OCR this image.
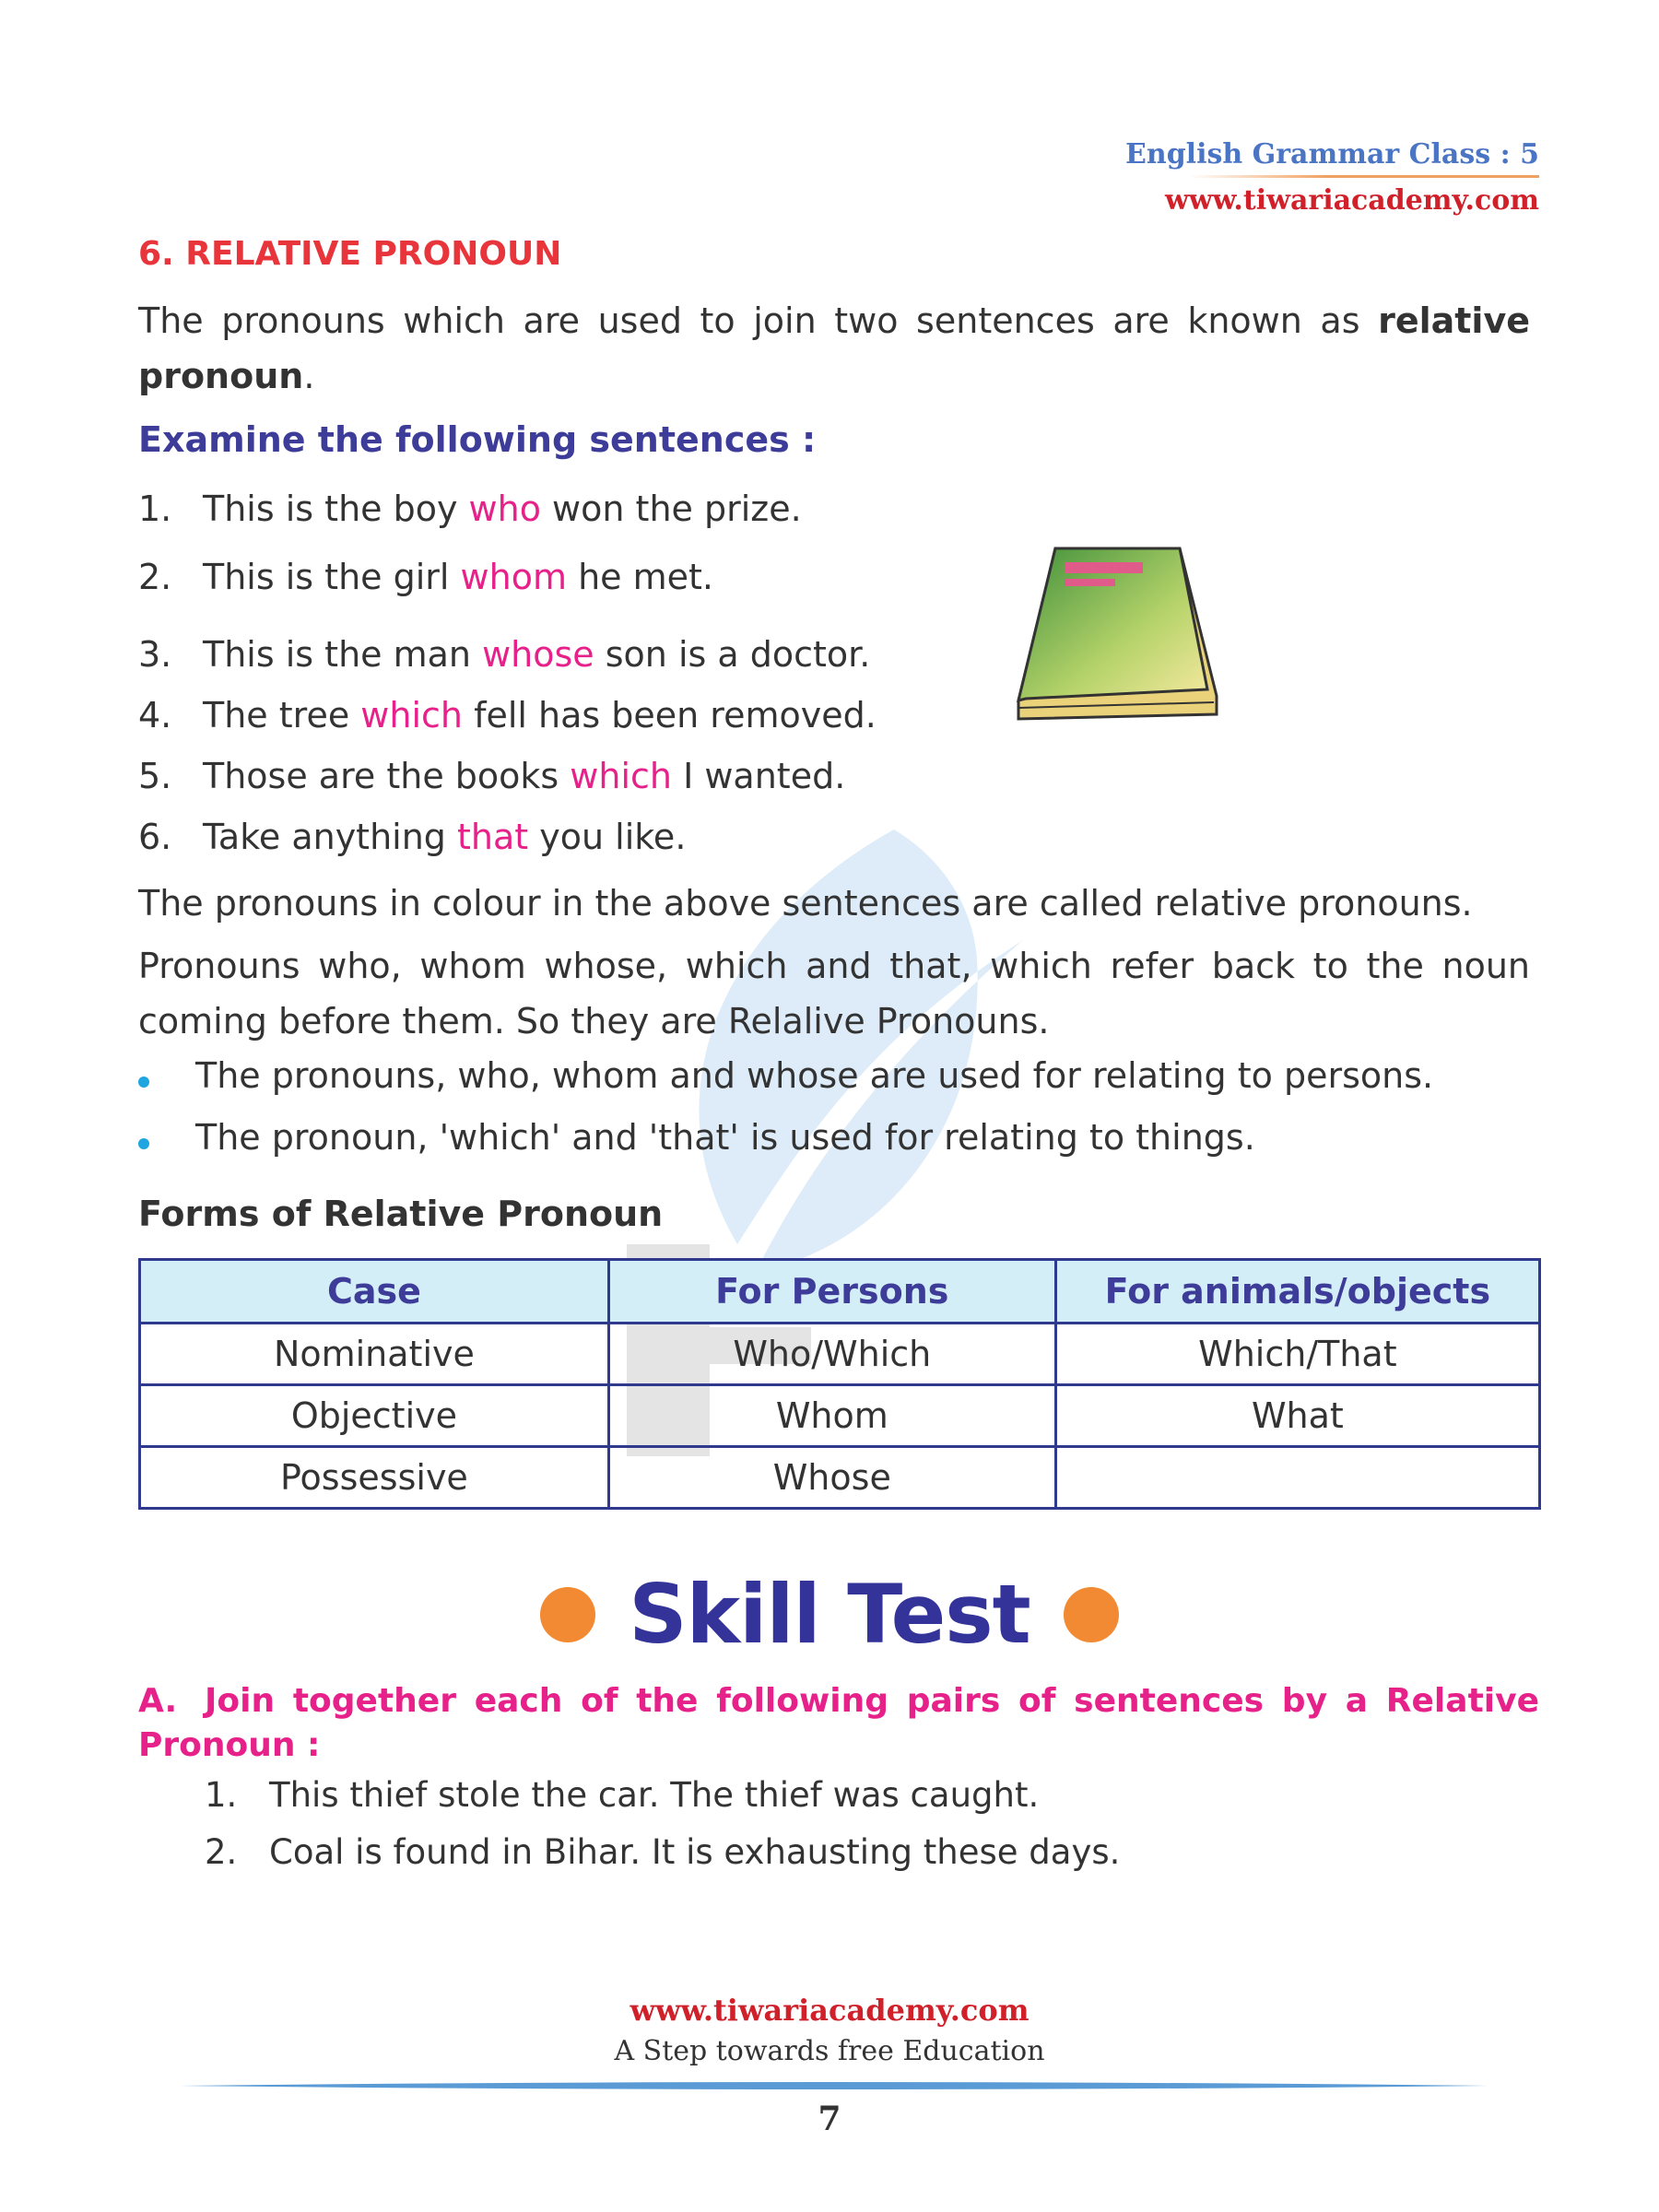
English Grammar Class : 5
www.tiwariacademy.com
6. RELATIVE PRONOUN
The pronouns which are used to join two sentences are known as relative pronoun.
Examine the following sentences :
1. This is the boy who won the prize.
2. This is the girl whom he met.
3. This is the man whose son is a doctor.
4. The tree which fell has been removed.
5. Those are the books which I wanted.
6. Take anything that you like.
The pronouns in colour in the above sentences are called relative pronouns.
Pronouns who, whom whose, which and that, which refer back to the noun coming before them. So they are Relalive Pronouns.
The pronouns, who, whom and whose are used for relating to persons.
The pronoun, 'which' and 'that' is used for relating to things.
Forms of Relative Pronoun
Case	For Persons	For animals/objects
Nominative	Who/Which	Which/That
Objective	Whom	What
Possessive	Whose	
Skill Test
A. Join together each of the following pairs of sentences by a Relative Pronoun :
1. This thief stole the car. The thief was caught.
2. Coal is found in Bihar. It is exhausting these days.
www.tiwariacademy.com
A Step towards free Education
7
